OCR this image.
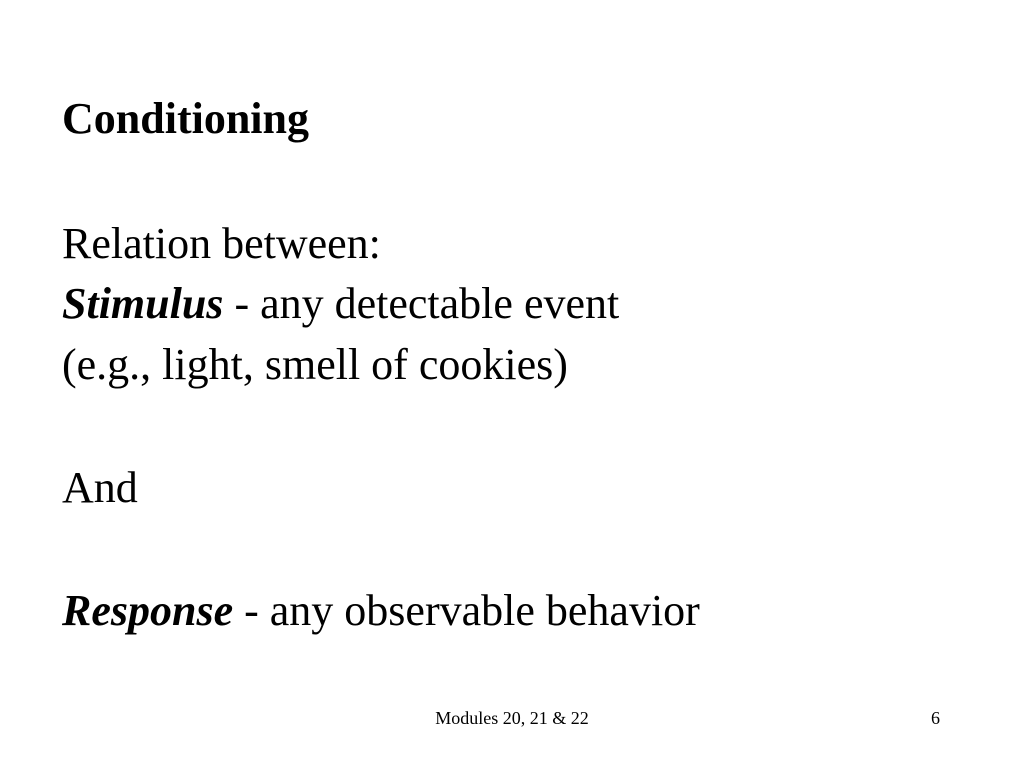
Conditioning
Relation between:
Stimulus - any detectable event
(e.g., light, smell of cookies)
And
Response - any observable behavior
Modules 20, 21 & 22	6
